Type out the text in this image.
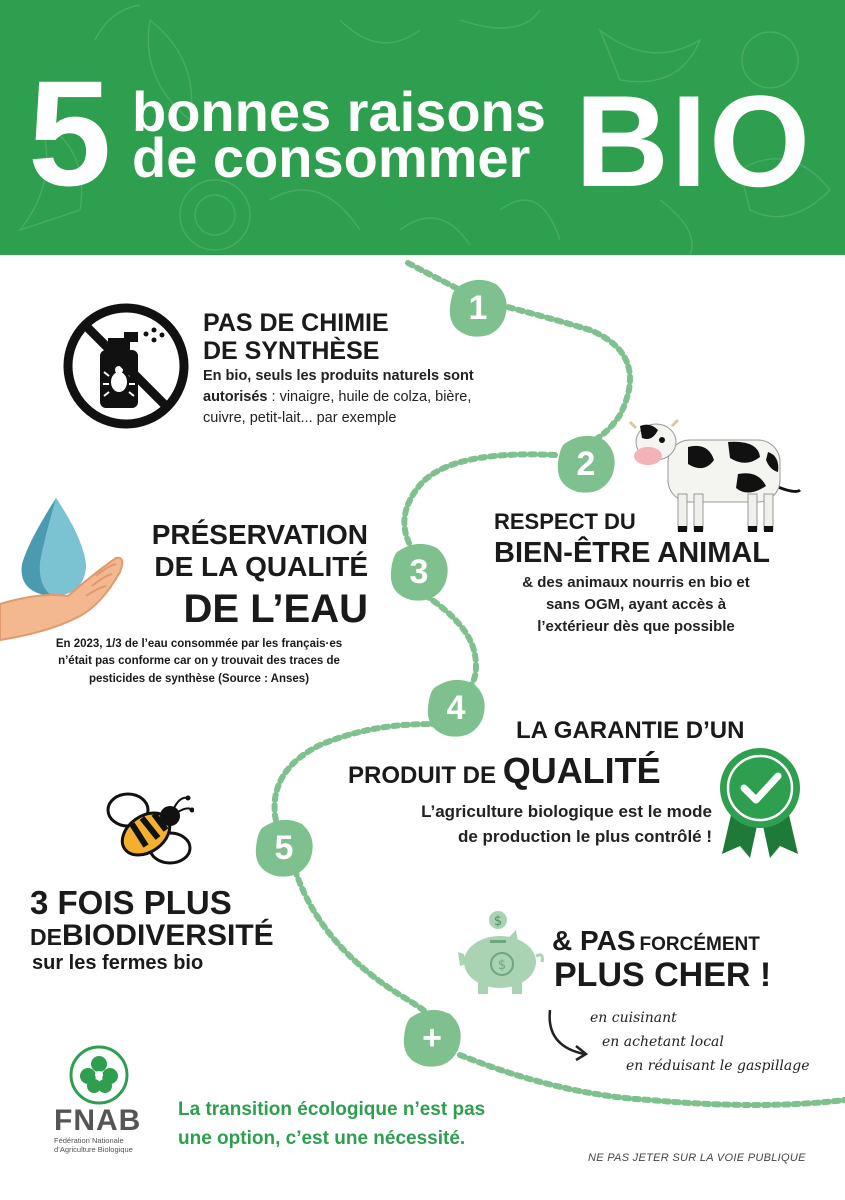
5 bonnes raisons
de consommer BIO
1
2
3
4
5
+
PAS DE CHIMIE
DE SYNTHÈSE
En bio, seuls les produits naturels sont
autorisés : vinaigre, huile de colza, bière,
cuivre, petit-lait... par exemple
RESPECT DU
BIEN-ÊTRE ANIMAL
& des animaux nourris en bio et
sans OGM, ayant accès à
l’extérieur dès que possible
PRÉSERVATION
DE LA QUALITÉ
DE L’EAU
En 2023, 1/3 de l’eau consommée par les français·es
n’était pas conforme car on y trouvait des traces de
pesticides de synthèse (Source : Anses)
LA GARANTIE D’UN
PRODUIT DE QUALITÉ
L’agriculture biologique est le mode
de production le plus contrôlé !
3 FOIS PLUS
DEBIODIVERSITÉ
sur les fermes bio
$
$
& PAS FORCÉMENT
PLUS CHER !
en cuisinant
en achetant local
en réduisant le gaspillage
FNAB
Fédération Nationale
d’Agriculture Biologique
La transition écologique n’est pas
une option, c’est une nécessité.
NE PAS JETER SUR LA VOIE PUBLIQUE
